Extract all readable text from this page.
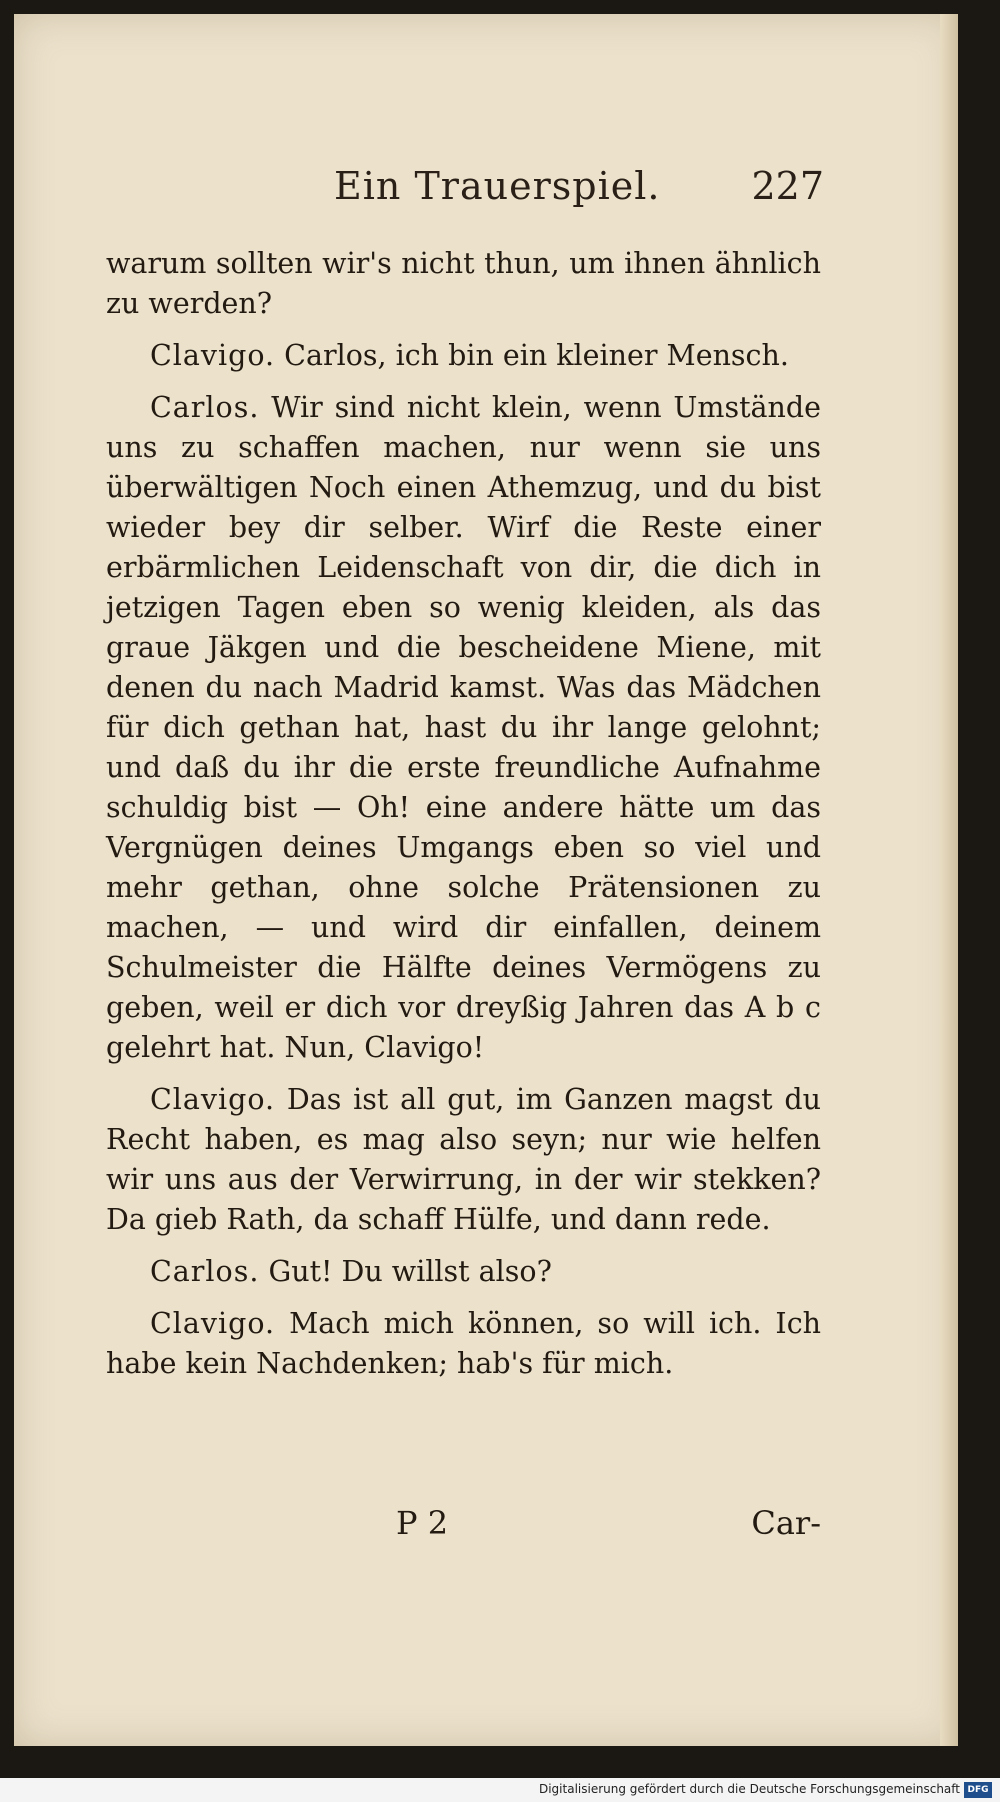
Ein Trauerspiel. 227

warum sollten wir's nicht thun, um ihnen ähnlich zu werden?

Clavigo. Carlos, ich bin ein kleiner Mensch.

Carlos. Wir sind nicht klein, wenn Umstände uns zu schaffen machen, nur wenn sie uns überwältigen Noch einen Athemzug, und du bist wieder bey dir selber. Wirf die Reste einer erbärmlichen Leidenschaft von dir, die dich in jetzigen Tagen eben so wenig kleiden, als das graue Jäkgen und die bescheidene Miene, mit denen du nach Madrid kamst. Was das Mädchen für dich gethan hat, hast du ihr lange gelohnt; und daß du ihr die erste freundliche Aufnahme schuldig bist — Oh! eine andere hätte um das Vergnügen deines Umgangs eben so viel und mehr gethan, ohne solche Prätensionen zu machen, — und wird dir einfallen, deinem Schulmeister die Hälfte deines Vermögens zu geben, weil er dich vor dreyßig Jahren das A b c gelehrt hat. Nun, Clavigo!

Clavigo. Das ist all gut, im Ganzen magst du Recht haben, es mag also seyn; nur wie helfen wir uns aus der Verwirrung, in der wir stekken? Da gieb Rath, da schaff Hülfe, und dann rede.

Carlos. Gut! Du willst also?

Clavigo. Mach mich können, so will ich. Ich habe kein Nachdenken; hab's für mich.

P 2	Car-
Digitalisierung gefördert durch die Deutsche Forschungsgemeinschaft DFG
